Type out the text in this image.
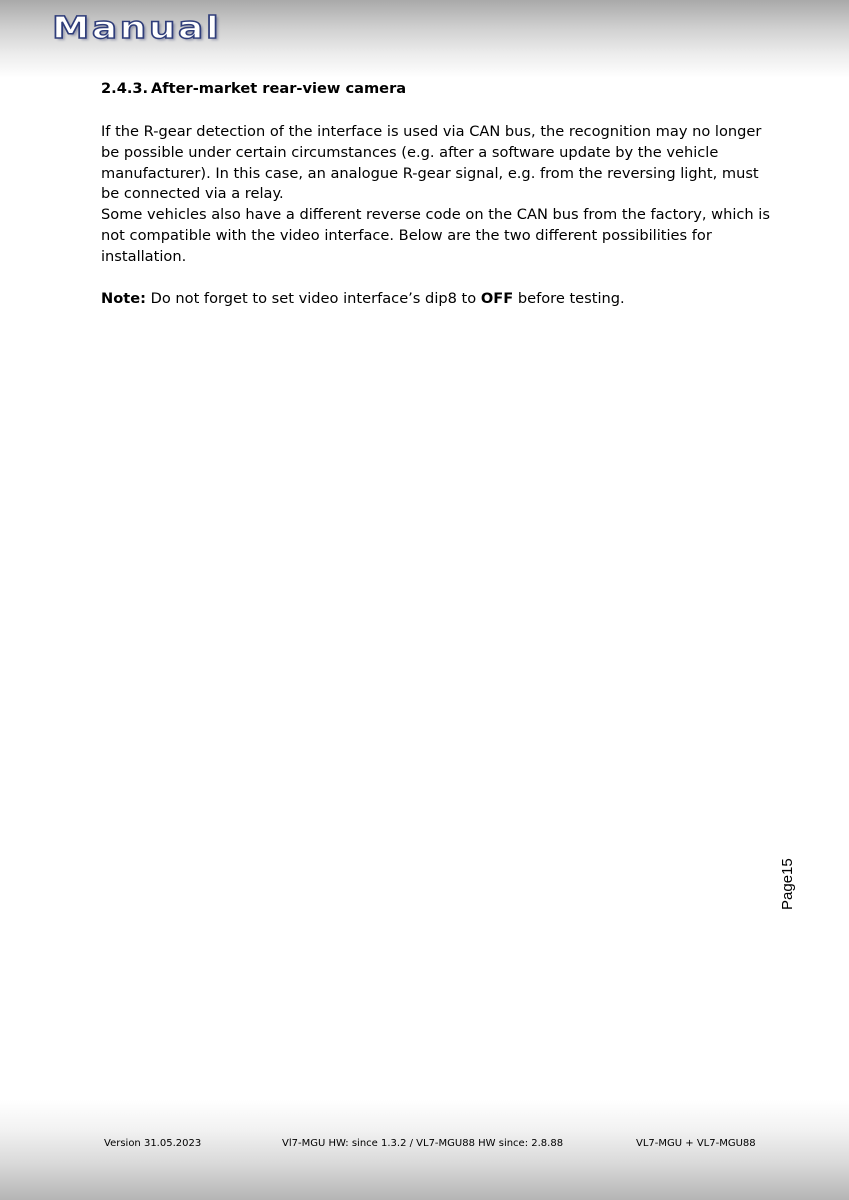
Manual
2.4.3. After-market rear-view camera

If the R-gear detection of the interface is used via CAN bus, the recognition may no longer be possible under certain circumstances (e.g. after a software update by the vehicle manufacturer). In this case, an analogue R-gear signal, e.g. from the reversing light, must be connected via a relay.

Some vehicles also have a different reverse code on the CAN bus from the factory, which is not compatible with the video interface. Below are the two different possibilities for installation.

Note: Do not forget to set video interface’s dip8 to OFF before testing.

Page15
Version 31.05.2023	Vl7-MGU HW: since 1.3.2 / VL7-MGU88 HW since: 2.8.88	VL7-MGU + VL7-MGU88
